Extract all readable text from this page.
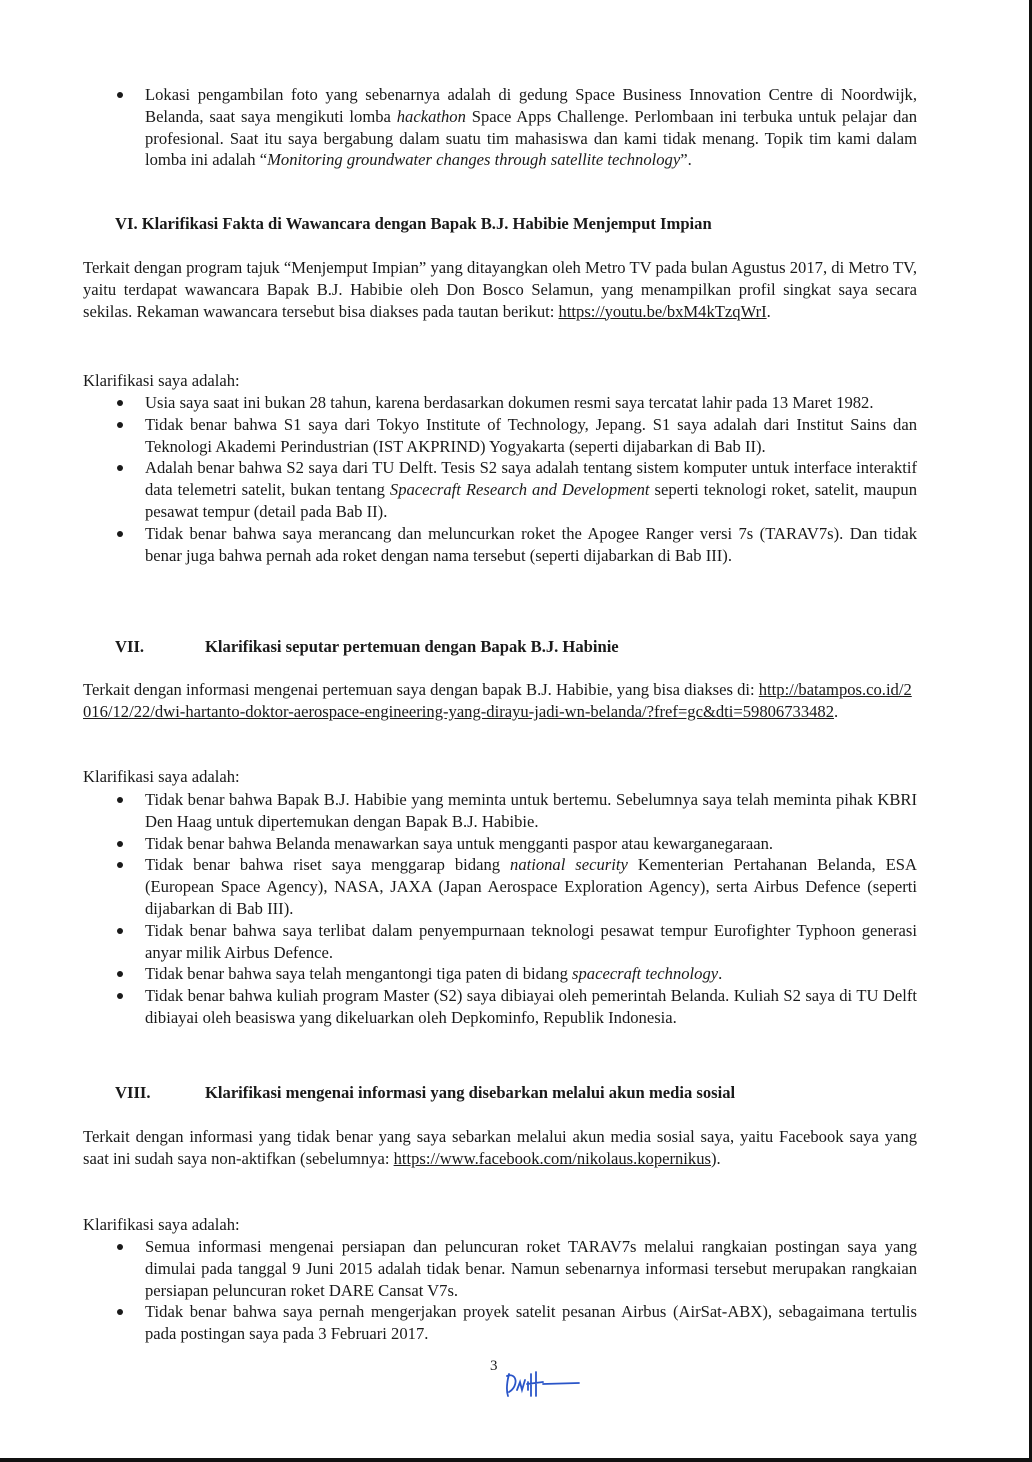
Lokasi pengambilan foto yang sebenarnya adalah di gedung Space Business Innovation Centre di Noordwijk, Belanda, saat saya mengikuti lomba hackathon Space Apps Challenge. Perlombaan ini terbuka untuk pelajar dan profesional. Saat itu saya bergabung dalam suatu tim mahasiswa dan kami tidak menang. Topik tim kami dalam lomba ini adalah “Monitoring groundwater changes through satellite technology”.
VI. Klarifikasi Fakta di Wawancara dengan Bapak B.J. Habibie Menjemput Impian
Terkait dengan program tajuk “Menjemput Impian” yang ditayangkan oleh Metro TV pada bulan Agustus 2017, di Metro TV, yaitu terdapat wawancara Bapak B.J. Habibie oleh Don Bosco Selamun, yang menampilkan profil singkat saya secara sekilas. Rekaman wawancara tersebut bisa diakses pada tautan berikut: https://youtu.be/bxM4kTzqWrI.
Klarifikasi saya adalah:
Usia saya saat ini bukan 28 tahun, karena berdasarkan dokumen resmi saya tercatat lahir pada 13 Maret 1982.
Tidak benar bahwa S1 saya dari Tokyo Institute of Technology, Jepang. S1 saya adalah dari Institut Sains dan Teknologi Akademi Perindustrian (IST AKPRIND) Yogyakarta (seperti dijabarkan di Bab II).
Adalah benar bahwa S2 saya dari TU Delft. Tesis S2 saya adalah tentang sistem komputer untuk interface interaktif data telemetri satelit, bukan tentang Spacecraft Research and Development seperti teknologi roket, satelit, maupun pesawat tempur (detail pada Bab II).
Tidak benar bahwa saya merancang dan meluncurkan roket the Apogee Ranger versi 7s (TARAV7s). Dan tidak benar juga bahwa pernah ada roket dengan nama tersebut (seperti dijabarkan di Bab III).
VII.	Klarifikasi seputar pertemuan dengan Bapak B.J. Habinie
Terkait dengan informasi mengenai pertemuan saya dengan bapak B.J. Habibie, yang bisa diakses di: http://batampos.co.id/2016/12/22/dwi-hartanto-doktor-aerospace-engineering-yang-dirayu-jadi-wn-belanda/?fref=gc&dti=59806733482.
Klarifikasi saya adalah:
Tidak benar bahwa Bapak B.J. Habibie yang meminta untuk bertemu. Sebelumnya saya telah meminta pihak KBRI Den Haag untuk dipertemukan dengan Bapak B.J. Habibie.
Tidak benar bahwa Belanda menawarkan saya untuk mengganti paspor atau kewarganegaraan.
Tidak benar bahwa riset saya menggarap bidang national security Kementerian Pertahanan Belanda, ESA (European Space Agency), NASA, JAXA (Japan Aerospace Exploration Agency), serta Airbus Defence (seperti dijabarkan di Bab III).
Tidak benar bahwa saya terlibat dalam penyempurnaan teknologi pesawat tempur Eurofighter Typhoon generasi anyar milik Airbus Defence.
Tidak benar bahwa saya telah mengantongi tiga paten di bidang spacecraft technology.
Tidak benar bahwa kuliah program Master (S2) saya dibiayai oleh pemerintah Belanda. Kuliah S2 saya di TU Delft dibiayai oleh beasiswa yang dikeluarkan oleh Depkominfo, Republik Indonesia.
VIII.	Klarifikasi mengenai informasi yang disebarkan melalui akun media sosial
Terkait dengan informasi yang tidak benar yang saya sebarkan melalui akun media sosial saya, yaitu Facebook saya yang saat ini sudah saya non-aktifkan (sebelumnya: https://www.facebook.com/nikolaus.kopernikus).
Klarifikasi saya adalah:
Semua informasi mengenai persiapan dan peluncuran roket TARAV7s melalui rangkaian postingan saya yang dimulai pada tanggal 9 Juni 2015 adalah tidak benar. Namun sebenarnya informasi tersebut merupakan rangkaian persiapan peluncuran roket DARE Cansat V7s.
Tidak benar bahwa saya pernah mengerjakan proyek satelit pesanan Airbus (AirSat-ABX), sebagaimana tertulis pada postingan saya pada 3 Februari 2017.
3
